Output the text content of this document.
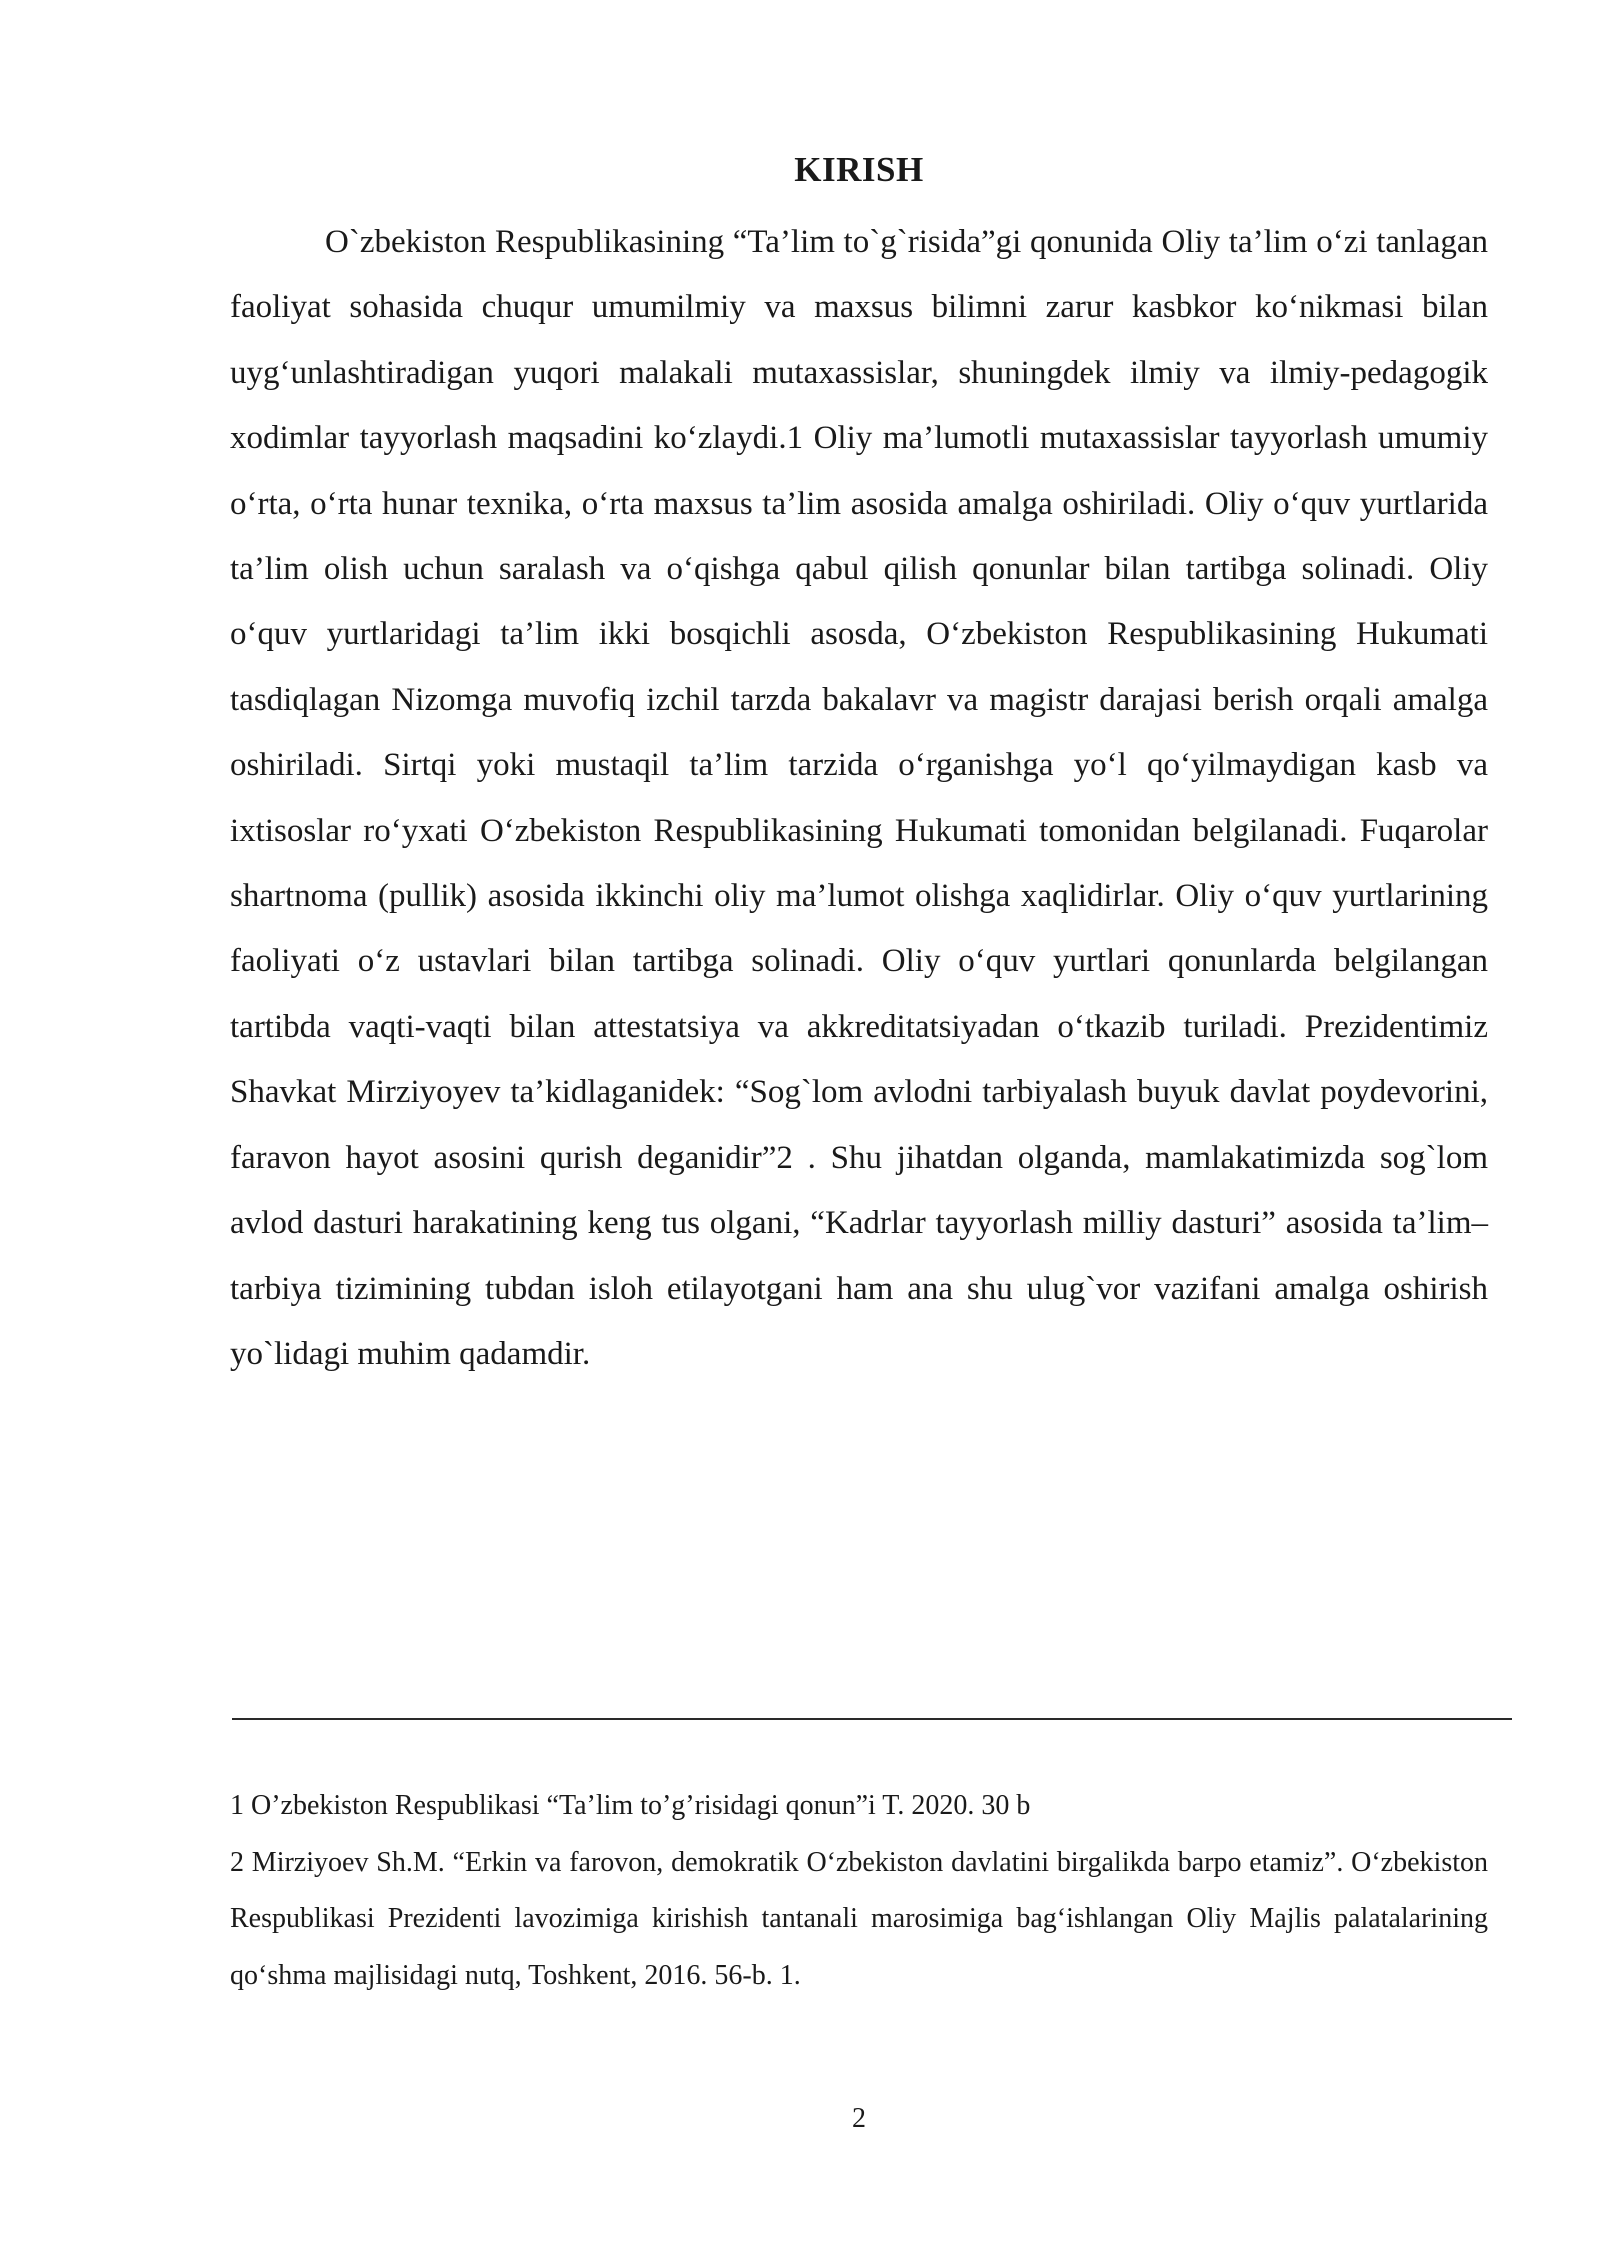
KIRISH

O`zbekiston Respublikasining “Ta’lim to`g`risida”gi qonunida Oliy ta’lim o‘zi tanlagan faoliyat sohasida chuqur umumilmiy va maxsus bilimni zarur kasbkor ko‘nikmasi bilan uyg‘unlashtiradigan yuqori malakali mutaxassislar, shuningdek ilmiy va ilmiy-pedagogik xodimlar tayyorlash maqsadini ko‘zlaydi.1 Oliy ma’lumotli mutaxassislar tayyorlash umumiy o‘rta, o‘rta hunar texnika, o‘rta maxsus ta’lim asosida amalga oshiriladi. Oliy o‘quv yurtlarida ta’lim olish uchun saralash va o‘qishga qabul qilish qonunlar bilan tartibga solinadi. Oliy o‘quv yurtlaridagi ta’lim ikki bosqichli asosda, O‘zbekiston Respublikasining Hukumati tasdiqlagan Nizomga muvofiq izchil tarzda bakalavr va magistr darajasi berish orqali amalga oshiriladi. Sirtqi yoki mustaqil ta’lim tarzida o‘rganishga yo‘l qo‘yilmaydigan kasb va ixtisoslar ro‘yxati O‘zbekiston Respublikasining Hukumati tomonidan belgilanadi. Fuqarolar shartnoma (pullik) asosida ikkinchi oliy ma’lumot olishga xaqlidirlar. Oliy o‘quv yurtlarining faoliyati o‘z ustavlari bilan tartibga solinadi. Oliy o‘quv yurtlari qonunlarda belgilangan tartibda vaqti-vaqti bilan attestatsiya va akkreditatsiyadan o‘tkazib turiladi. Prezidentimiz Shavkat Mirziyoyev ta’kidlaganidek: “Sog`lom avlodni tarbiyalash buyuk davlat poydevorini, faravon hayot asosini qurish deganidir”2 . Shu jihatdan olganda, mamlakatimizda sog`lom avlod dasturi harakatining keng tus olgani, “Kadrlar tayyorlash milliy dasturi” asosida ta’lim–tarbiya tizimining tubdan isloh etilayotgani ham ana shu ulug`vor vazifani amalga oshirish yo`lidagi muhim qadamdir.

1 O’zbekiston Respublikasi “Ta’lim to’g’risidagi qonun”i T. 2020. 30 b

2 Mirziyoev Sh.M. “Erkin va farovon, demokratik O‘zbekiston davlatini birgalikda barpo etamiz”. O‘zbekiston Respublikasi Prezidenti lavozimiga kirishish tantanali marosimiga bag‘ishlangan Oliy Majlis palatalarining qo‘shma majlisidagi nutq, Toshkent, 2016. 56-b. 1.

2
